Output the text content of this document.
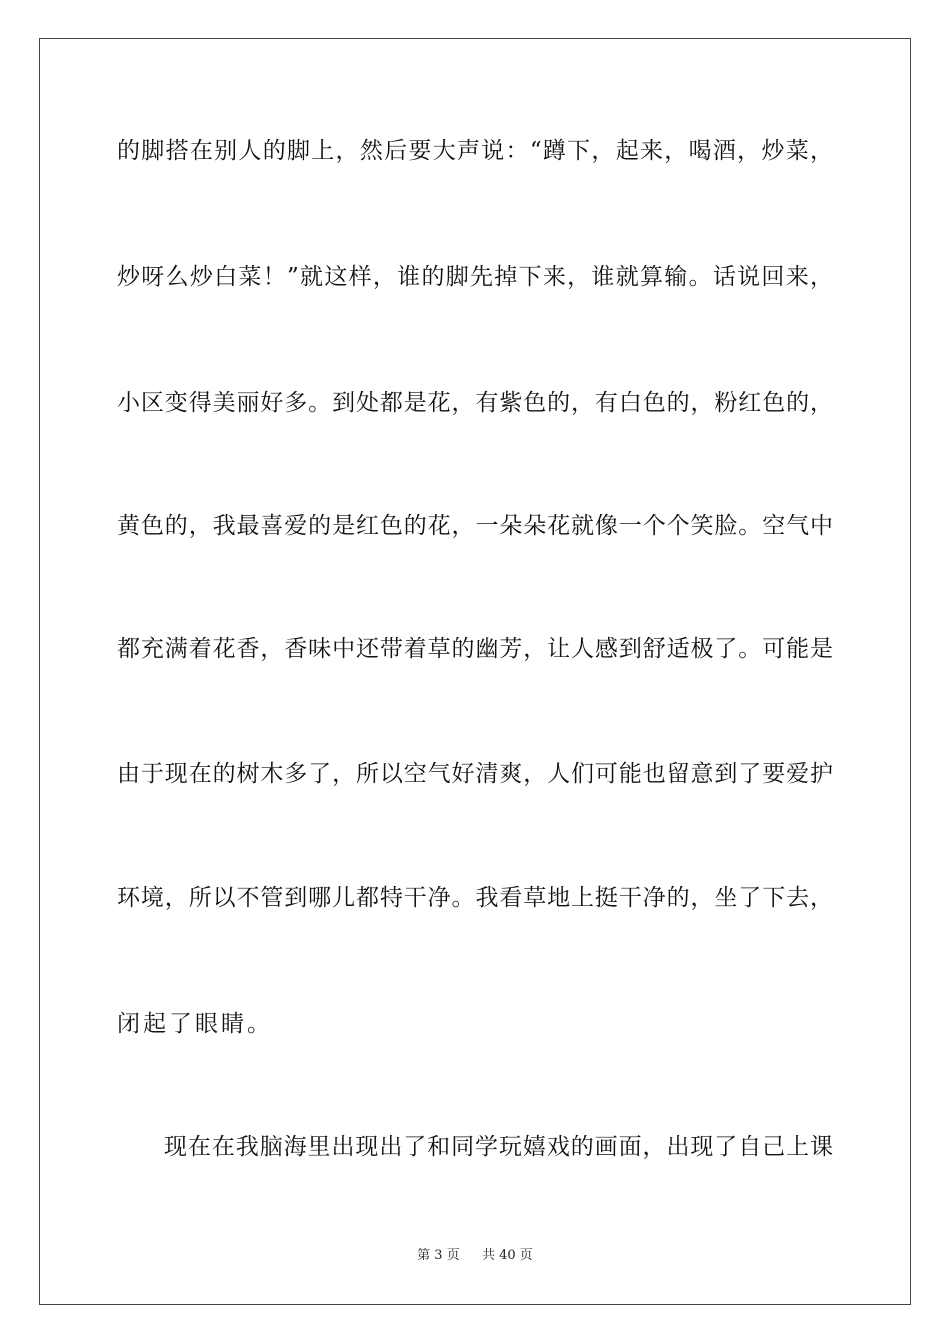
的脚搭在别人的脚上，然后要大声说：“蹲下，起来，喝酒，炒菜，
炒呀么炒白菜！”就这样，谁的脚先掉下来，谁就算输。话说回来，
小区变得美丽好多。到处都是花，有紫色的，有白色的，粉红色的，
黄色的，我最喜爱的是红色的花，一朵朵花就像一个个笑脸。空气中
都充满着花香，香味中还带着草的幽芳，让人感到舒适极了。可能是
由于现在的树木多了，所以空气好清爽，人们可能也留意到了要爱护
环境，所以不管到哪儿都特干净。我看草地上挺干净的，坐了下去，
闭起了眼睛。
现在在我脑海里出现出了和同学玩嬉戏的画面，出现了自己上课
第 3 页 共 40 页
